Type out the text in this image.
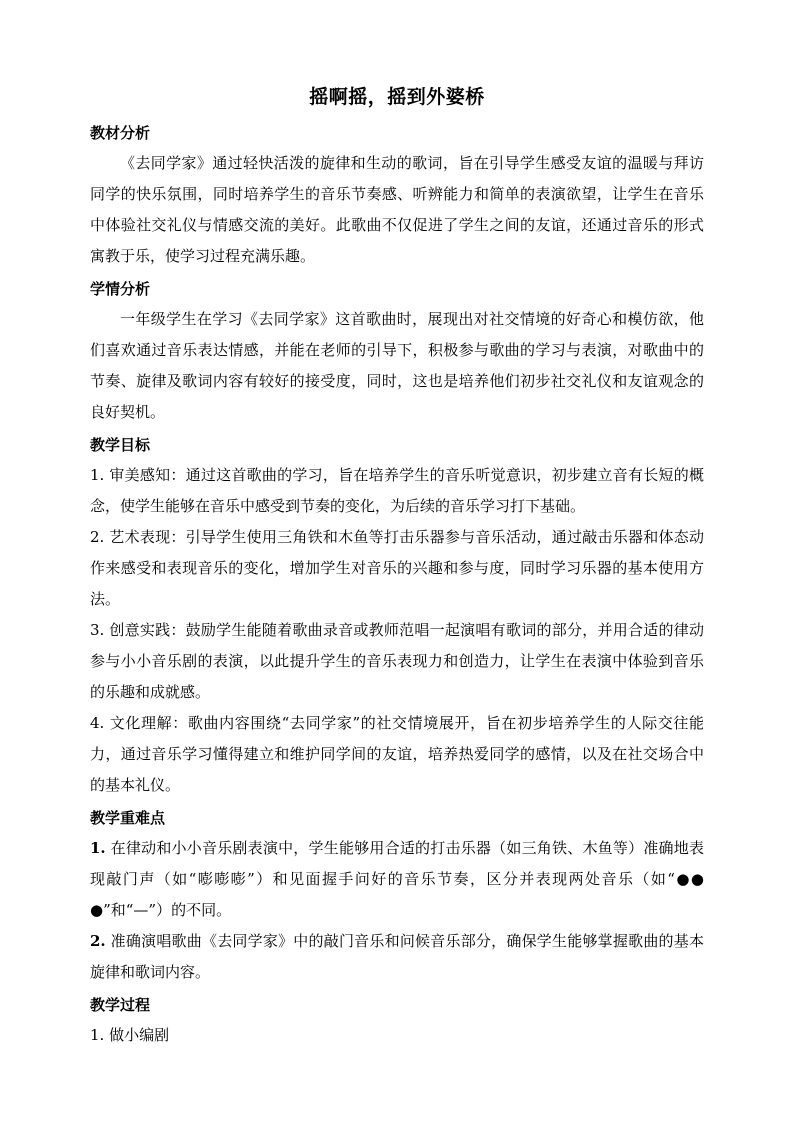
摇啊摇，摇到外婆桥
教材分析

《去同学家》通过轻快活泼的旋律和生动的歌词，旨在引导学生感受友谊的温暖与拜访同学的快乐氛围，同时培养学生的音乐节奏感、听辨能力和简单的表演欲望，让学生在音乐中体验社交礼仪与情感交流的美好。此歌曲不仅促进了学生之间的友谊，还通过音乐的形式寓教于乐，使学习过程充满乐趣。

学情分析

一年级学生在学习《去同学家》这首歌曲时，展现出对社交情境的好奇心和模仿欲，他们喜欢通过音乐表达情感，并能在老师的引导下，积极参与歌曲的学习与表演，对歌曲中的节奏、旋律及歌词内容有较好的接受度，同时，这也是培养他们初步社交礼仪和友谊观念的良好契机。

教学目标

1. 审美感知：通过这首歌曲的学习，旨在培养学生的音乐听觉意识，初步建立音有长短的概念，使学生能够在音乐中感受到节奏的变化，为后续的音乐学习打下基础。

2. 艺术表现：引导学生使用三角铁和木鱼等打击乐器参与音乐活动，通过敲击乐器和体态动作来感受和表现音乐的变化，增加学生对音乐的兴趣和参与度，同时学习乐器的基本使用方法。

3. 创意实践：鼓励学生能随着歌曲录音或教师范唱一起演唱有歌词的部分，并用合适的律动参与小小音乐剧的表演，以此提升学生的音乐表现力和创造力，让学生在表演中体验到音乐的乐趣和成就感。

4. 文化理解：歌曲内容围绕“去同学家”的社交情境展开，旨在初步培养学生的人际交往能力，通过音乐学习懂得建立和维护同学间的友谊，培养热爱同学的感情，以及在社交场合中的基本礼仪。

教学重难点

1. 在律动和小小音乐剧表演中，学生能够用合适的打击乐器（如三角铁、木鱼等）准确地表现敲门声（如“嘭嘭嘭”）和见面握手问好的音乐节奏，区分并表现两处音乐（如“●●●”和“—”）的不同。

2. 准确演唱歌曲《去同学家》中的敲门音乐和问候音乐部分，确保学生能够掌握歌曲的基本旋律和歌词内容。

教学过程

1. 做小编剧
